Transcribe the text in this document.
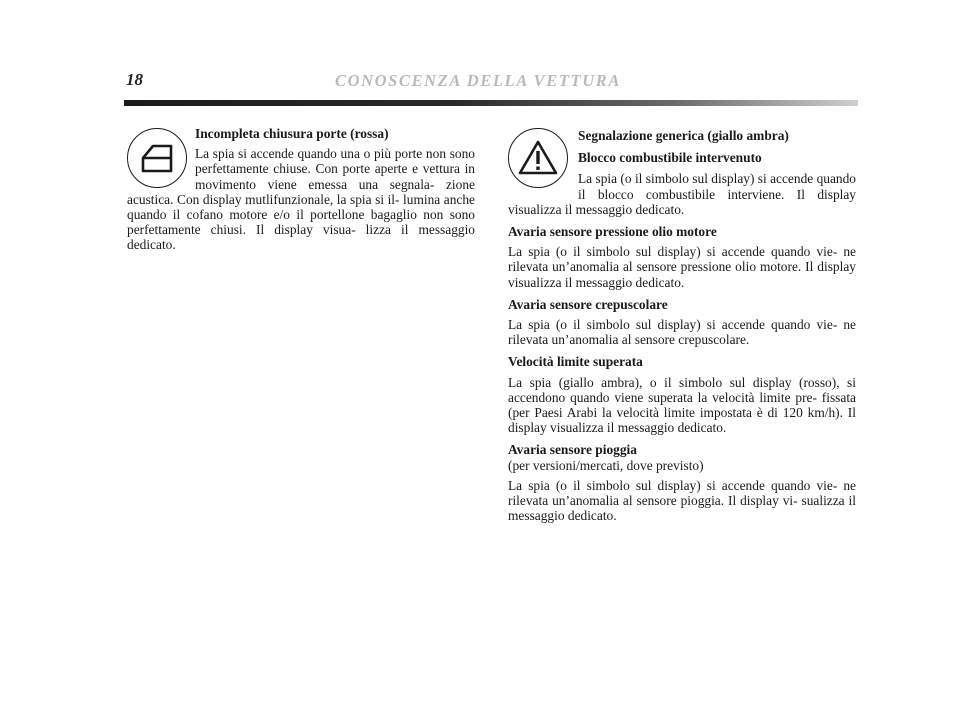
18	CONOSCENZA DELLA VETTURA

Incompleta chiusura porte (rossa)

La spia si accende quando una o più porte non sono perfettamente chiuse. Con porte aperte e vettura in movimento viene emessa una segnala- zione acustica. Con display mutlifunzionale, la spia si il- lumina anche quando il cofano motore e/o il portellone bagaglio non sono perfettamente chiusi. Il display visua- lizza il messaggio dedicato.

Segnalazione generica (giallo ambra)

Blocco combustibile intervenuto

La spia (o il simbolo sul display) si accende quando il blocco combustibile interviene. Il display visualizza il messaggio dedicato.

Avaria sensore pressione olio motore

La spia (o il simbolo sul display) si accende quando vie- ne rilevata un’anomalia al sensore pressione olio motore. Il display visualizza il messaggio dedicato.

Avaria sensore crepuscolare

La spia (o il simbolo sul display) si accende quando vie- ne rilevata un’anomalia al sensore crepuscolare.

Velocità limite superata

La spia (giallo ambra), o il simbolo sul display (rosso), si accendono quando viene superata la velocità limite pre- fissata (per Paesi Arabi la velocità limite impostata è di 120 km/h). Il display visualizza il messaggio dedicato.

Avaria sensore pioggia

(per versioni/mercati, dove previsto)

La spia (o il simbolo sul display) si accende quando vie- ne rilevata un’anomalia al sensore pioggia. Il display vi- sualizza il messaggio dedicato.
